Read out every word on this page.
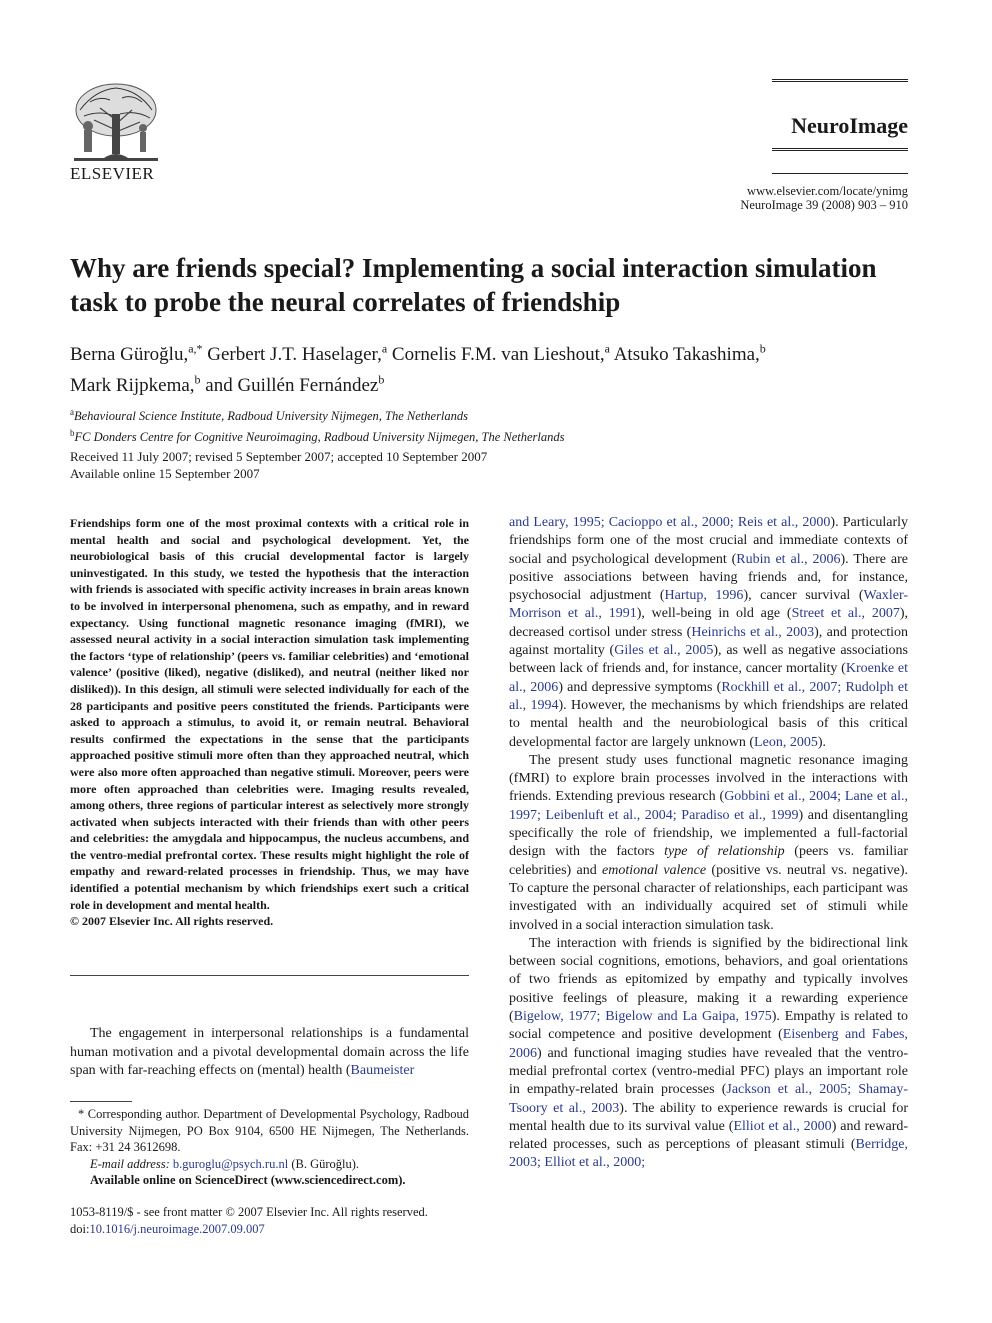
ELSEVIER
NeuroImage
www.elsevier.com/locate/ynimg
NeuroImage 39 (2008) 903 – 910
Why are friends special? Implementing a social interaction simulation task to probe the neural correlates of friendship
Berna Güroğlu,$^{a,*}$ Gerbert J.T. Haselager,$^a$ Cornelis F.M. van Lieshout,$^a$ Atsuko Takashima,$^b$
Mark Rijpkema,$^b$ and Guillén Fernández$^b$
$^a$Behavioural Science Institute, Radboud University Nijmegen, The Netherlands
$^b$FC Donders Centre for Cognitive Neuroimaging, Radboud University Nijmegen, The Netherlands
Received 11 July 2007; revised 5 September 2007; accepted 10 September 2007
Available online 15 September 2007
Friendships form one of the most proximal contexts with a critical role in mental health and social and psychological development. Yet, the neurobiological basis of this crucial developmental factor is largely uninvestigated. In this study, we tested the hypothesis that the interaction with friends is associated with specific activity increases in brain areas known to be involved in interpersonal phenomena, such as empathy, and in reward expectancy. Using functional magnetic resonance imaging (fMRI), we assessed neural activity in a social interaction simulation task implementing the factors ‘type of relationship’ (peers vs. familiar celebrities) and ‘emotional valence’ (positive (liked), negative (disliked), and neutral (neither liked nor disliked)). In this design, all stimuli were selected individually for each of the 28 participants and positive peers constituted the friends. Participants were asked to approach a stimulus, to avoid it, or remain neutral. Behavioral results confirmed the expectations in the sense that the participants approached positive stimuli more often than they approached neutral, which were also more often approached than negative stimuli. Moreover, peers were more often approached than celebrities were. Imaging results revealed, among others, three regions of particular interest as selectively more strongly activated when subjects interacted with their friends than with other peers and celebrities: the amygdala and hippocampus, the nucleus accumbens, and the ventro-medial prefrontal cortex. These results might highlight the role of empathy and reward-related processes in friendship. Thus, we may have identified a potential mechanism by which friendships exert such a critical role in development and mental health.
© 2007 Elsevier Inc. All rights reserved.

The engagement in interpersonal relationships is a fundamental human motivation and a pivotal developmental domain across the life span with far-reaching effects on (mental) health (Baumeister

* Corresponding author. Department of Developmental Psychology, Radboud University Nijmegen, PO Box 9104, 6500 HE Nijmegen, The Netherlands. Fax: +31 24 3612698.

E-mail address: b.guroglu@psych.ru.nl (B. Güroğlu).

Available online on ScienceDirect (www.sciencedirect.com).

1053-8119/$ - see front matter © 2007 Elsevier Inc. All rights reserved.
doi:10.1016/j.neuroimage.2007.09.007

and Leary, 1995; Cacioppo et al., 2000; Reis et al., 2000). Particularly friendships form one of the most crucial and immediate contexts of social and psychological development (Rubin et al., 2006). There are positive associations between having friends and, for instance, psychosocial adjustment (Hartup, 1996), cancer survival (Waxler-Morrison et al., 1991), well-being in old age (Street et al., 2007), decreased cortisol under stress (Heinrichs et al., 2003), and protection against mortality (Giles et al., 2005), as well as negative associations between lack of friends and, for instance, cancer mortality (Kroenke et al., 2006) and depressive symptoms (Rockhill et al., 2007; Rudolph et al., 1994). However, the mechanisms by which friendships are related to mental health and the neurobiological basis of this critical developmental factor are largely unknown (Leon, 2005).

The present study uses functional magnetic resonance imaging (fMRI) to explore brain processes involved in the interactions with friends. Extending previous research (Gobbini et al., 2004; Lane et al., 1997; Leibenluft et al., 2004; Paradiso et al., 1999) and disentangling specifically the role of friendship, we implemented a full-factorial design with the factors type of relationship (peers vs. familiar celebrities) and emotional valence (positive vs. neutral vs. negative). To capture the personal character of relationships, each participant was investigated with an individually acquired set of stimuli while involved in a social interaction simulation task.

The interaction with friends is signified by the bidirectional link between social cognitions, emotions, behaviors, and goal orientations of two friends as epitomized by empathy and typically involves positive feelings of pleasure, making it a rewarding experience (Bigelow, 1977; Bigelow and La Gaipa, 1975). Empathy is related to social competence and positive development (Eisenberg and Fabes, 2006) and functional imaging studies have revealed that the ventro-medial prefrontal cortex (ventro-medial PFC) plays an important role in empathy-related brain processes (Jackson et al., 2005; Shamay-Tsoory et al., 2003). The ability to experience rewards is crucial for mental health due to its survival value (Elliot et al., 2000) and reward-related processes, such as perceptions of pleasant stimuli (Berridge, 2003; Elliot et al., 2000;
